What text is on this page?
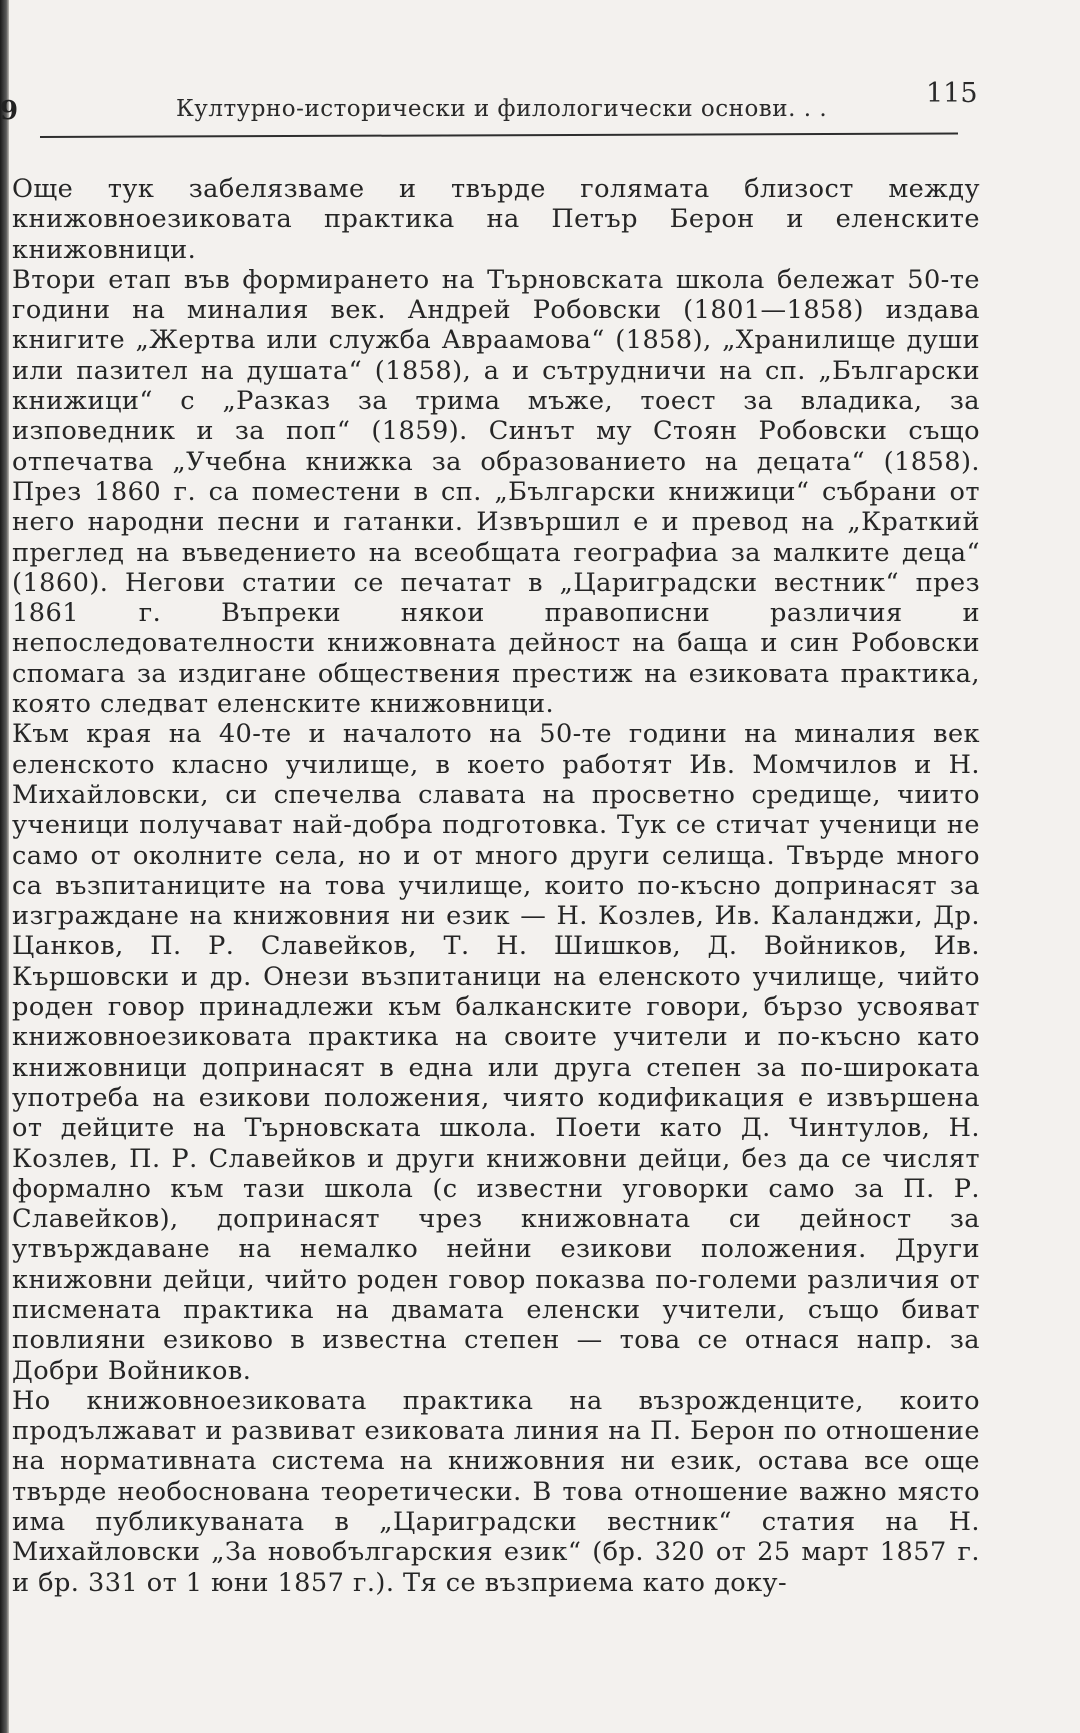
9	Културно-исторически и филологически основи. . .	115

Още тук забелязваме и твърде голямата близост между книжовноезиковата практика на Петър Берон и еленските книжовници.

Втори етап във формирането на Търновската школа бележат 50-те години на миналия век. Андрей Робовски (1801—1858) издава книгите „Жертва или служба Авраамова“ (1858), „Хранилище души или пазител на душата“ (1858), а и сътрудничи на сп. „Български книжици“ с „Разказ за трима мъже, тоест за владика, за изповедник и за поп“ (1859). Синът му Стоян Робовски също отпечатва „Учебна книжка за образованието на децата“ (1858). През 1860 г. са поместени в сп. „Български книжици“ събрани от него народни песни и гатанки. Извършил е и превод на „Краткий преглед на въведението на всеобщата географиа за малките деца“ (1860). Негови статии се печатат в „Цариградски вестник“ през 1861 г. Въпреки някои правописни различия и непоследователности книжовната дейност на баща и син Робовски спомага за издигане обществения престиж на езиковата практика, която следват еленските книжовници.

Към края на 40-те и началото на 50-те години на миналия век еленското класно училище, в което работят Ив. Момчилов и Н. Михайловски, си спечелва славата на просветно средище, чиито ученици получават най-добра подготовка. Тук се стичат ученици не само от околните села, но и от много други селища. Твърде много са възпитаниците на това училище, които по-късно допринасят за изграждане на книжовния ни език — Н. Козлев, Ив. Каланджи, Др. Цанков, П. Р. Славейков, Т. Н. Шишков, Д. Войников, Ив. Кършовски и др. Онези възпитаници на еленското училище, чийто роден говор принадлежи към балканските говори, бързо усвояват книжовноезиковата практика на своите учители и по-късно като книжовници допринасят в една или друга степен за по-широката употреба на езикови положения, чиято кодификация е извършена от дейците на Търновската школа. Поети като Д. Чинтулов, Н. Козлев, П. Р. Славейков и други книжовни дейци, без да се числят формално към тази школа (с известни уговорки само за П. Р. Славейков), допринасят чрез книжовната си дейност за утвърждаване на немалко нейни езикови положения. Други книжовни дейци, чийто роден говор показва по-големи различия от писмената практика на двамата еленски учители, също биват повлияни езиково в известна степен — това се отнася напр. за Добри Войников.

Но книжовноезиковата практика на възрожденците, които продължават и развиват езиковата линия на П. Берон по отношение на нормативната система на книжовния ни език, остава все още твърде необоснована теоретически. В това отношение важно място има публикуваната в „Цариградски вестник“ статия на Н. Михайловски „За новобългарския език“ (бр. 320 от 25 март 1857 г. и бр. 331 от 1 юни 1857 г.). Тя се възприема като доку-
